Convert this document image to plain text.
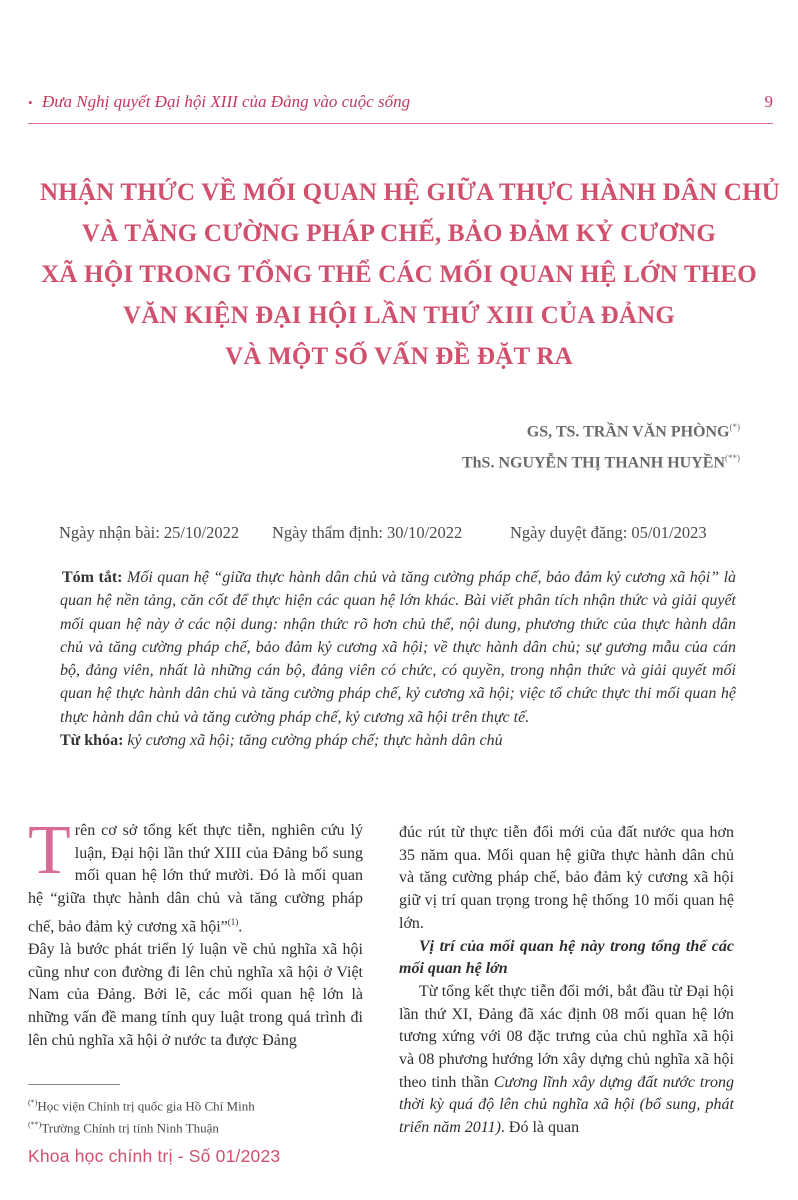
• Đưa Nghị quyết Đại hội XIII của Đảng vào cuộc sống	9
NHẬN THỨC VỀ MỐI QUAN HỆ GIỮA THỰC HÀNH DÂN CHỦ
VÀ TĂNG CƯỜNG PHÁP CHẾ, BẢO ĐẢM KỶ CƯƠNG
XÃ HỘI TRONG TỔNG THỂ CÁC MỐI QUAN HỆ LỚN THEO
VĂN KIỆN ĐẠI HỘI LẦN THỨ XIII CỦA ĐẢNG
VÀ MỘT SỐ VẤN ĐỀ ĐẶT RA
GS, TS. TRẦN VĂN PHÒNG(*)
ThS. NGUYỄN THỊ THANH HUYỀN(**)
Ngày nhận bài: 25/10/2022 Ngày thẩm định: 30/10/2022	Ngày duyệt đăng: 05/01/2023

Tóm tắt: Mối quan hệ “giữa thực hành dân chủ và tăng cường pháp chế, bảo đảm kỷ cương xã hội” là quan hệ nền tảng, căn cốt để thực hiện các quan hệ lớn khác. Bài viết phân tích nhận thức và giải quyết mối quan hệ này ở các nội dung: nhận thức rõ hơn chủ thể, nội dung, phương thức của thực hành dân chủ và tăng cường pháp chế, bảo đảm kỷ cương xã hội; về thực hành dân chủ; sự gương mẫu của cán bộ, đảng viên, nhất là những cán bộ, đảng viên có chức, có quyền, trong nhận thức và giải quyết mối quan hệ thực hành dân chủ và tăng cường pháp chế, kỷ cương xã hội; việc tổ chức thực thi mối quan hệ thực hành dân chủ và tăng cường pháp chế, kỷ cương xã hội trên thực tế.

Từ khóa: kỷ cương xã hội; tăng cường pháp chế; thực hành dân chủ

Trên cơ sở tổng kết thực tiễn, nghiên cứu lý luận, Đại hội lần thứ XIII của Đảng bổ sung mối quan hệ lớn thứ mười. Đó là mối quan hệ “giữa thực hành dân chủ và tăng cường pháp chế, bảo đảm kỷ cương xã hội”$^{(1)}$.

Đây là bước phát triển lý luận về chủ nghĩa xã hội cũng như con đường đi lên chủ nghĩa xã hội ở Việt Nam của Đảng. Bởi lẽ, các mối quan hệ lớn là những vấn đề mang tính quy luật trong quá trình đi lên chủ nghĩa xã hội ở nước ta được Đảng

đúc rút từ thực tiễn đổi mới của đất nước qua hơn 35 năm qua. Mối quan hệ giữa thực hành dân chủ và tăng cường pháp chế, bảo đảm kỷ cương xã hội giữ vị trí quan trọng trong hệ thống 10 mối quan hệ lớn.

Vị trí của mối quan hệ này trong tổng thể các mối quan hệ lớn

Từ tổng kết thực tiễn đổi mới, bắt đầu từ Đại hội lần thứ XI, Đảng đã xác định 08 mối quan hệ lớn tương xứng với 08 đặc trưng của chủ nghĩa xã hội và 08 phương hướng lớn xây dựng chủ nghĩa xã hội theo tinh thần Cương lĩnh xây dựng đất nước trong thời kỳ quá độ lên chủ nghĩa xã hội (bổ sung, phát triển năm 2011). Đó là quan

(*)Học viện Chính trị quốc gia Hồ Chí Minh
(**)Trường Chính trị tỉnh Ninh Thuận
Khoa học chính trị - Số 01/2023
